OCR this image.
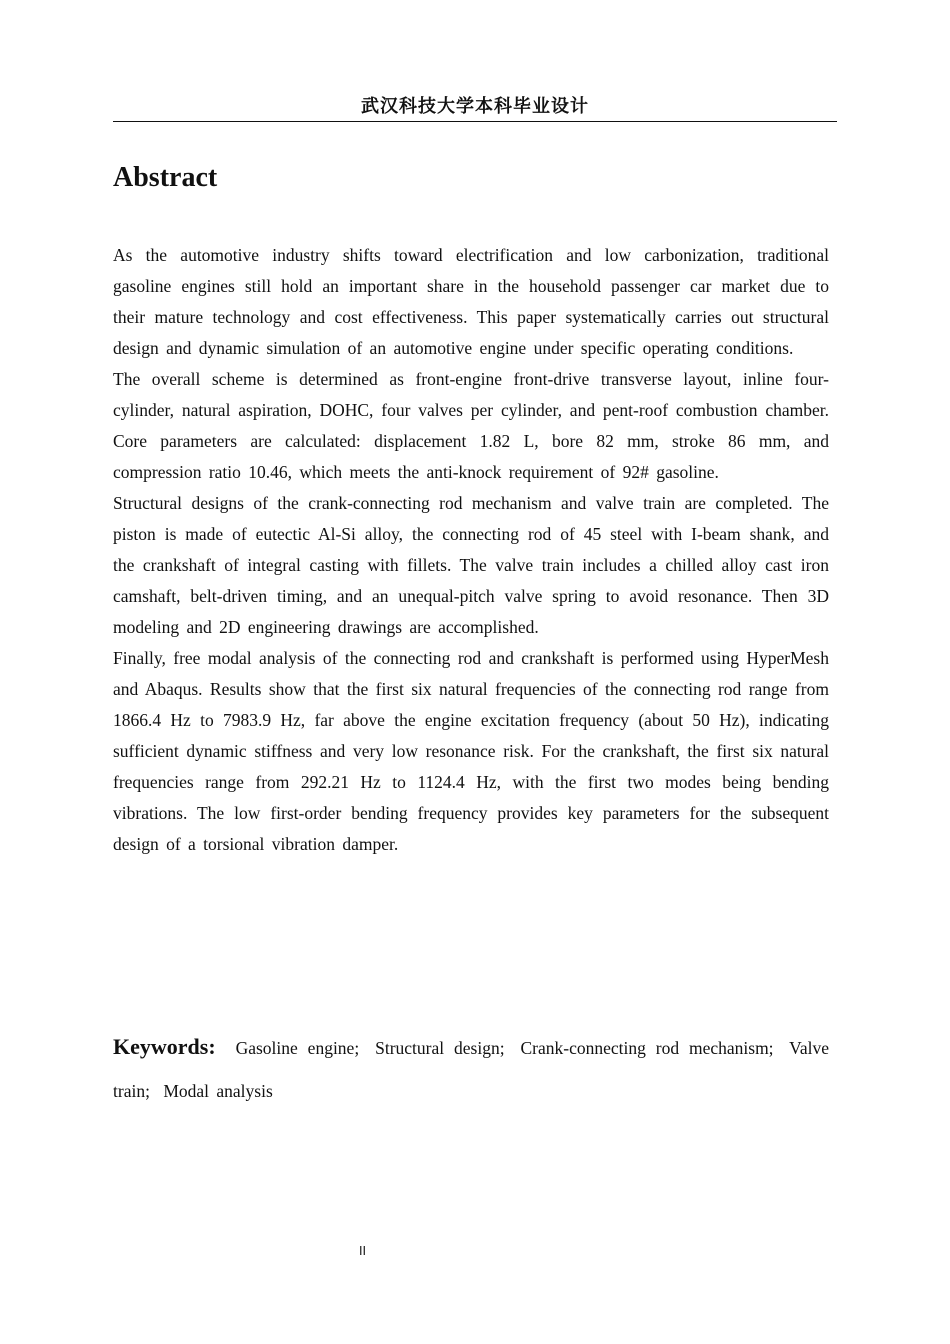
武汉科技大学本科毕业设计
Abstract

As the automotive industry shifts toward electrification and low carbonization, traditional gasoline engines still hold an important share in the household passenger car market due to their mature technology and cost effectiveness. This paper systematically carries out structural design and dynamic simulation of an automotive engine under specific operating conditions.

The overall scheme is determined as front-engine front-drive transverse layout, inline four-cylinder, natural aspiration, DOHC, four valves per cylinder, and pent-roof combustion chamber. Core parameters are calculated: displacement 1.82 L, bore 82 mm, stroke 86 mm, and compression ratio 10.46, which meets the anti-knock requirement of 92# gasoline.

Structural designs of the crank-connecting rod mechanism and valve train are completed. The piston is made of eutectic Al-Si alloy, the connecting rod of 45 steel with I-beam shank, and the crankshaft of integral casting with fillets. The valve train includes a chilled alloy cast iron camshaft, belt-driven timing, and an unequal-pitch valve spring to avoid resonance. Then 3D modeling and 2D engineering drawings are accomplished.

Finally, free modal analysis of the connecting rod and crankshaft is performed using HyperMesh and Abaqus. Results show that the first six natural frequencies of the connecting rod range from 1866.4 Hz to 7983.9 Hz, far above the engine excitation frequency (about 50 Hz), indicating sufficient dynamic stiffness and very low resonance risk. For the crankshaft, the first six natural frequencies range from 292.21 Hz to 1124.4 Hz, with the first two modes being bending vibrations. The low first-order bending frequency provides key parameters for the subsequent design of a torsional vibration damper.

Keywords: Gasoline engine; Structural design; Crank-connecting rod mechanism; Valve train; Modal analysis

II
